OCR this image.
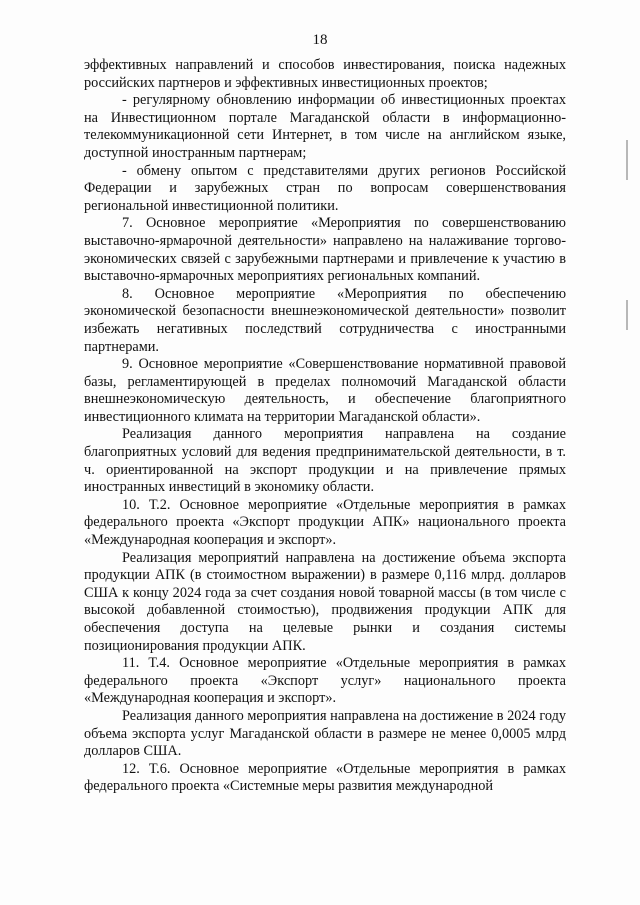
18

эффективных направлений и способов инвестирования, поиска надежных российских партнеров и эффективных инвестиционных проектов;

- регулярному обновлению информации об инвестиционных проектах на Инвестиционном портале Магаданской области в информационно-телекоммуникационной сети Интернет, в том числе на английском языке, доступной иностранным партнерам;

- обмену опытом с представителями других регионов Российской Федерации и зарубежных стран по вопросам совершенствования региональной инвестиционной политики.

7. Основное мероприятие «Мероприятия по совершенствованию выставочно-ярмарочной деятельности» направлено на налаживание торгово-экономических связей с зарубежными партнерами и привлечение к участию в выставочно-ярмарочных мероприятиях региональных компаний.

8. Основное мероприятие «Мероприятия по обеспечению экономической безопасности внешнеэкономической деятельности» позволит избежать негативных последствий сотрудничества с иностранными партнерами.

9. Основное мероприятие «Совершенствование нормативной правовой базы, регламентирующей в пределах полномочий Магаданской области внешнеэкономическую деятельность, и обеспечение благоприятного инвестиционного климата на территории Магаданской области».

Реализация данного мероприятия направлена на создание благоприятных условий для ведения предпринимательской деятельности, в т. ч. ориентированной на экспорт продукции и на привлечение прямых иностранных инвестиций в экономику области.

10. Т.2. Основное мероприятие «Отдельные мероприятия в рамках федерального проекта «Экспорт продукции АПК» национального проекта «Международная кооперация и экспорт».

Реализация мероприятий направлена на достижение объема экспорта продукции АПК (в стоимостном выражении) в размере 0,116 млрд. долларов США к концу 2024 года за счет создания новой товарной массы (в том числе с высокой добавленной стоимостью), продвижения продукции АПК для обеспечения доступа на целевые рынки и создания системы позиционирования продукции АПК.

11. Т.4. Основное мероприятие «Отдельные мероприятия в рамках федерального проекта «Экспорт услуг» национального проекта «Международная кооперация и экспорт».

Реализация данного мероприятия направлена на достижение в 2024 году объема экспорта услуг Магаданской области в размере не менее 0,0005 млрд долларов США.

12. Т.6. Основное мероприятие «Отдельные мероприятия в рамках федерального проекта «Системные меры развития международной
